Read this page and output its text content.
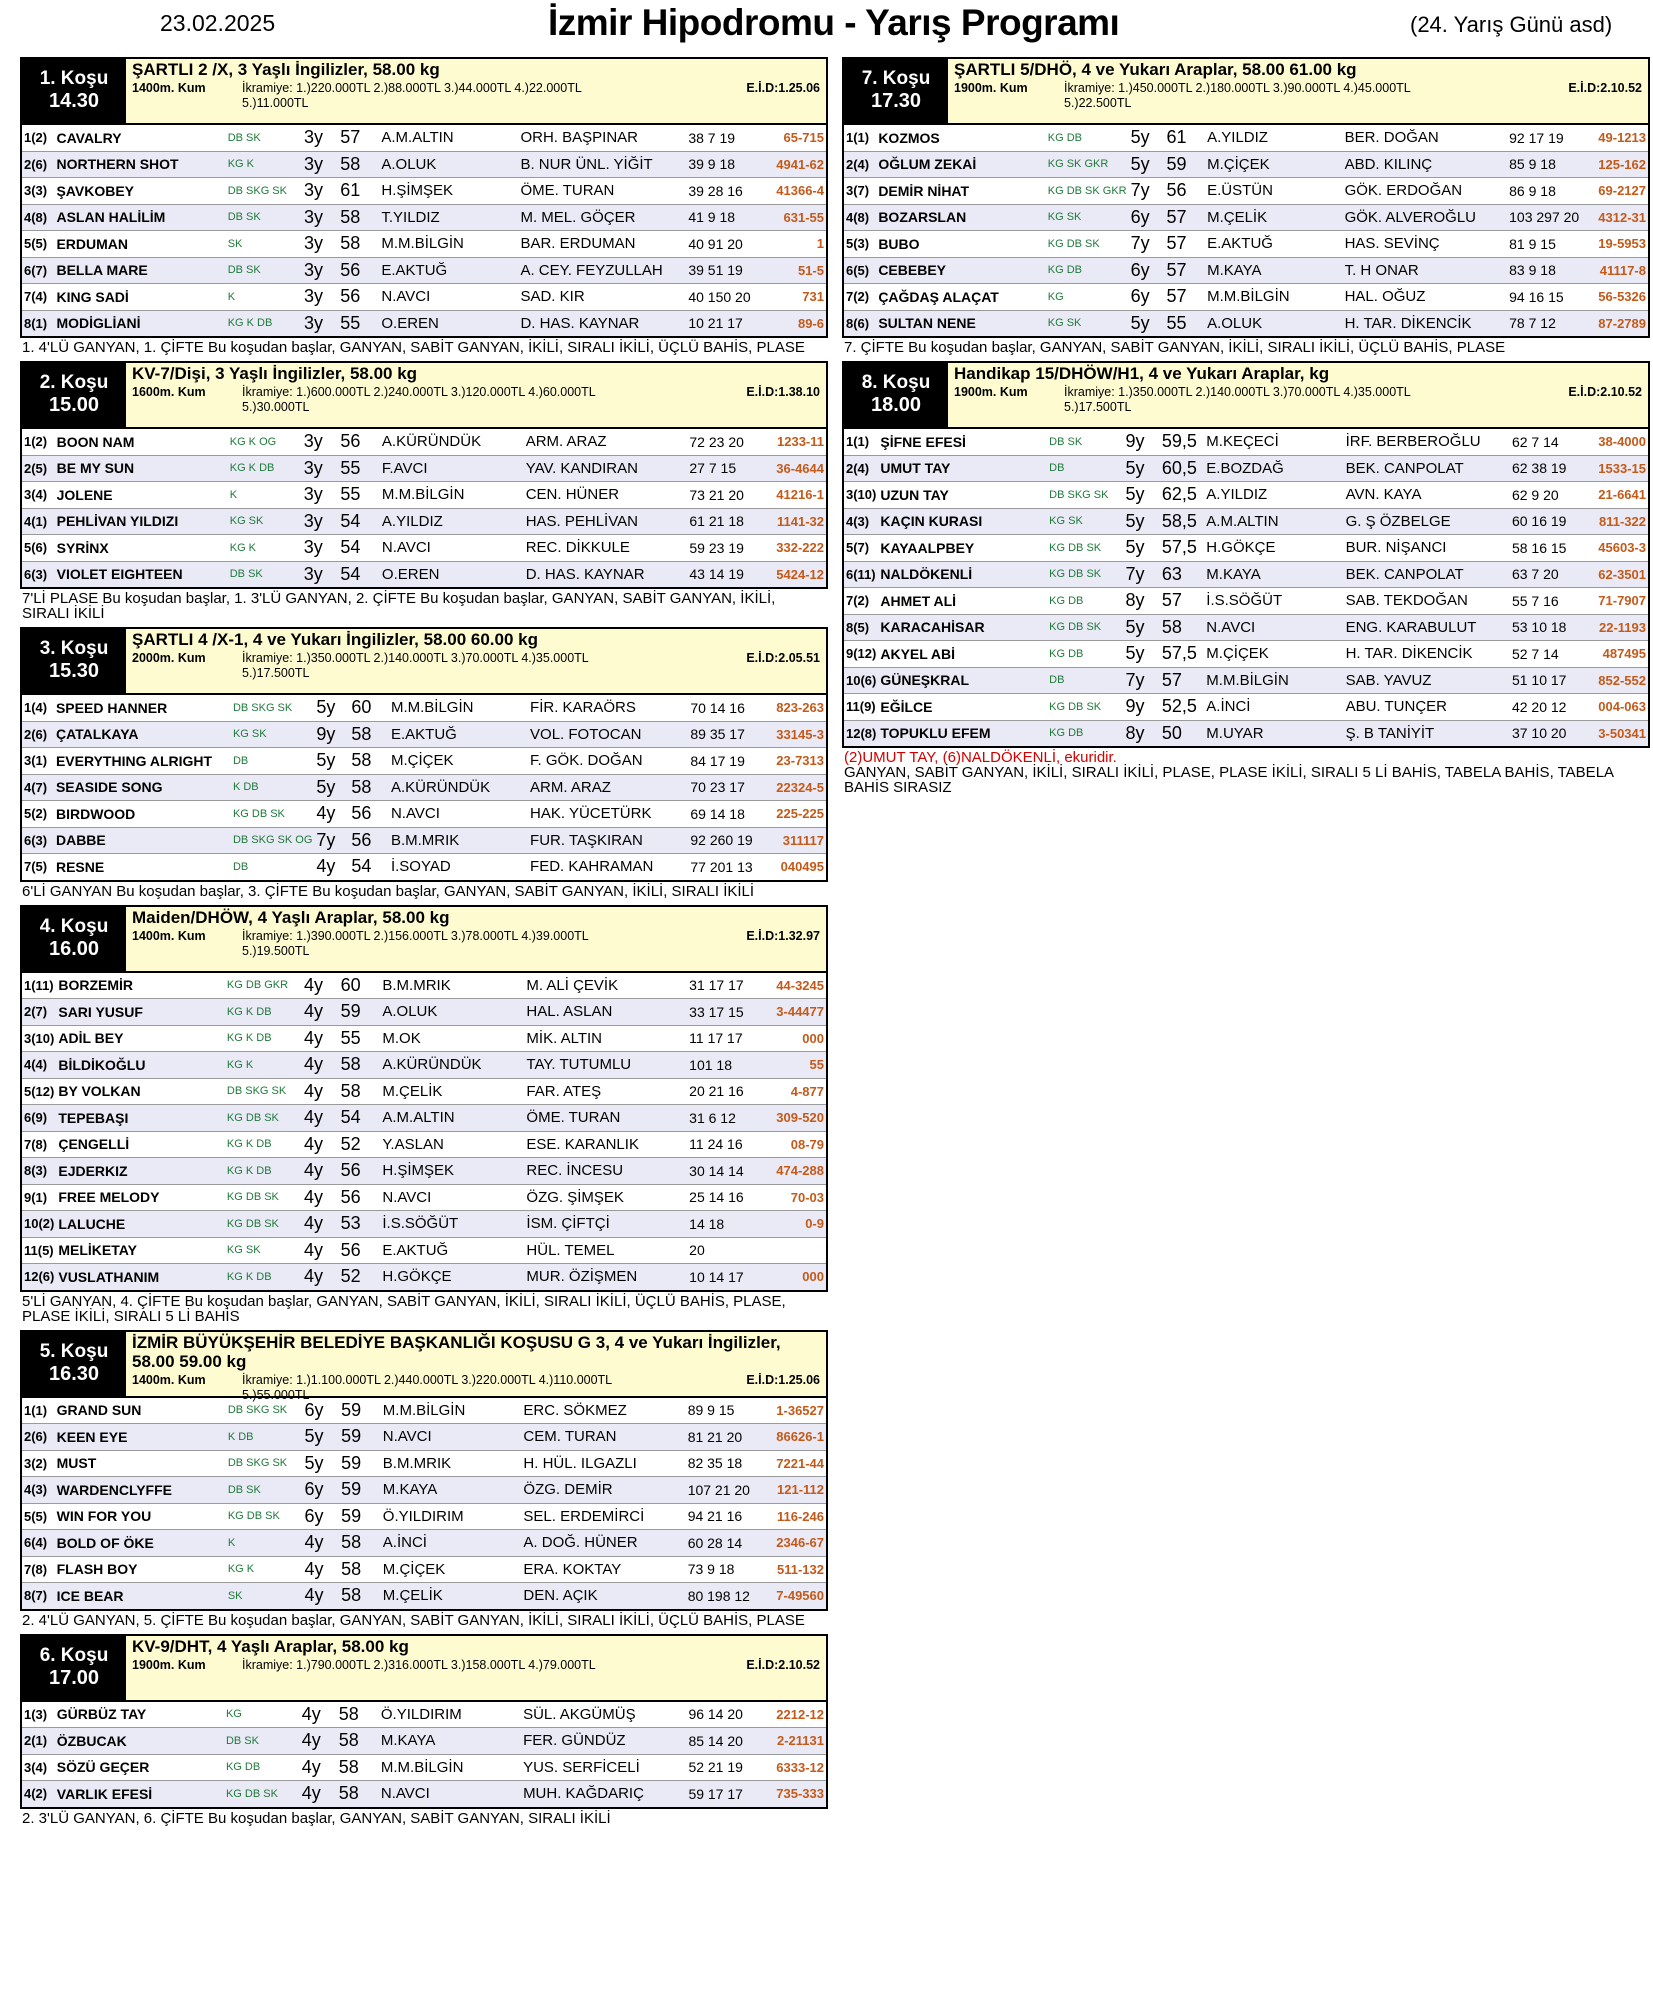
23.02.2025	İzmir Hipodromu - Yarış Programı	(24. Yarış Günü asd)
1. Koşu
14.30
ŞARTLI 2 /X, 3 Yaşlı İngilizler, 58.00 kg
1400m. Kum	İkramiye: 1.)220.000TL 2.)88.000TL 3.)44.000TL 4.)22.000TL	E.İ.D:1.25.06
5.)11.000TL
1(2)	CAVALRY	DB SK	3y	57	A.M.ALTIN	ORH. BAŞPINAR	38 7 19	65-715
2(6)	NORTHERN SHOT	KG K	3y	58	A.OLUK	B. NUR ÜNL. YİĞİT	39 9 18	4941-62
3(3)	ŞAVKOBEY	DB SKG SK	3y	61	H.ŞİMŞEK	ÖME. TURAN	39 28 16	41366-4
4(8)	ASLAN HALİLİM	DB SK	3y	58	T.YILDIZ	M. MEL. GÖÇER	41 9 18	631-55
5(5)	ERDUMAN	SK	3y	58	M.M.BİLGİN	BAR. ERDUMAN	40 91 20	1
6(7)	BELLA MARE	DB SK	3y	56	E.AKTUĞ	A. CEY. FEYZULLAH	39 51 19	51-5
7(4)	KING SADİ	K	3y	56	N.AVCI	SAD. KIR	40 150 20	731
8(1)	MODİGLİANİ	KG K DB	3y	55	O.EREN	D. HAS. KAYNAR	10 21 17	89-6
1. 4'LÜ GANYAN, 1. ÇİFTE Bu koşudan başlar, GANYAN, SABİT GANYAN, İKİLİ, SIRALI İKİLİ, ÜÇLÜ BAHİS, PLASE
2. Koşu
15.00
KV-7/Dişi, 3 Yaşlı İngilizler, 58.00 kg
1600m. Kum	İkramiye: 1.)600.000TL 2.)240.000TL 3.)120.000TL 4.)60.000TL	E.İ.D:1.38.10
5.)30.000TL
1(2)	BOON NAM	KG K OG	3y	56	A.KÜRÜNDÜK	ARM. ARAZ	72 23 20	1233-11
2(5)	BE MY SUN	KG K DB	3y	55	F.AVCI	YAV. KANDIRAN	27 7 15	36-4644
3(4)	JOLENE	K	3y	55	M.M.BİLGİN	CEN. HÜNER	73 21 20	41216-1
4(1)	PEHLİVAN YILDIZI	KG SK	3y	54	A.YILDIZ	HAS. PEHLİVAN	61 21 18	1141-32
5(6)	SYRİNX	KG K	3y	54	N.AVCI	REC. DİKKULE	59 23 19	332-222
6(3)	VIOLET EIGHTEEN	DB SK	3y	54	O.EREN	D. HAS. KAYNAR	43 14 19	5424-12
7'Lİ PLASE Bu koşudan başlar, 1. 3'LÜ GANYAN, 2. ÇİFTE Bu koşudan başlar, GANYAN, SABİT GANYAN, İKİLİ, SIRALI İKİLİ
3. Koşu
15.30
ŞARTLI 4 /X-1, 4 ve Yukarı İngilizler, 58.00 60.00 kg
2000m. Kum	İkramiye: 1.)350.000TL 2.)140.000TL 3.)70.000TL 4.)35.000TL	E.İ.D:2.05.51
5.)17.500TL
1(4)	SPEED HANNER	DB SKG SK	5y	60	M.M.BİLGİN	FİR. KARAÖRS	70 14 16	823-263
2(6)	ÇATALKAYA	KG SK	9y	58	E.AKTUĞ	VOL. FOTOCAN	89 35 17	33145-3
3(1)	EVERYTHING ALRIGHT	DB	5y	58	M.ÇİÇEK	F. GÖK. DOĞAN	84 17 19	23-7313
4(7)	SEASIDE SONG	K DB	5y	58	A.KÜRÜNDÜK	ARM. ARAZ	70 23 17	22324-5
5(2)	BIRDWOOD	KG DB SK	4y	56	N.AVCI	HAK. YÜCETÜRK	69 14 18	225-225
6(3)	DABBE	DB SKG SK OG	7y	56	B.M.MRIK	FUR. TAŞKIRAN	92 260 19	311117
7(5)	RESNE	DB	4y	54	İ.SOYAD	FED. KAHRAMAN	77 201 13	040495
6'Lİ GANYAN Bu koşudan başlar, 3. ÇİFTE Bu koşudan başlar, GANYAN, SABİT GANYAN, İKİLİ, SIRALI İKİLİ
4. Koşu
16.00
Maiden/DHÖW, 4 Yaşlı Araplar, 58.00 kg
1400m. Kum	İkramiye: 1.)390.000TL 2.)156.000TL 3.)78.000TL 4.)39.000TL	E.İ.D:1.32.97
5.)19.500TL
1(11)	BORZEMİR	KG DB GKR	4y	60	B.M.MRIK	M. ALİ ÇEVİK	31 17 17	44-3245
2(7)	SARI YUSUF	KG K DB	4y	59	A.OLUK	HAL. ASLAN	33 17 15	3-44477
3(10)	ADİL BEY	KG K DB	4y	55	M.OK	MİK. ALTIN	11 17 17	000
4(4)	BİLDİKOĞLU	KG K	4y	58	A.KÜRÜNDÜK	TAY. TUTUMLU	101 18	55
5(12)	BY VOLKAN	DB SKG SK	4y	58	M.ÇELİK	FAR. ATEŞ	20 21 16	4-877
6(9)	TEPEBAŞI	KG DB SK	4y	54	A.M.ALTIN	ÖME. TURAN	31 6 12	309-520
7(8)	ÇENGELLİ	KG K DB	4y	52	Y.ASLAN	ESE. KARANLIK	11 24 16	08-79
8(3)	EJDERKIZ	KG K DB	4y	56	H.ŞİMŞEK	REC. İNCESU	30 14 14	474-288
9(1)	FREE MELODY	KG DB SK	4y	56	N.AVCI	ÖZG. ŞİMŞEK	25 14 16	70-03
10(2)	LALUCHE	KG DB SK	4y	53	İ.S.SÖĞÜT	İSM. ÇİFTÇİ	14 18	0-9
11(5)	MELİKETAY	KG SK	4y	56	E.AKTUĞ	HÜL. TEMEL	20	
12(6)	VUSLATHANIM	KG K DB	4y	52	H.GÖKÇE	MUR. ÖZİŞMEN	10 14 17	000
5'Lİ GANYAN, 4. ÇİFTE Bu koşudan başlar, GANYAN, SABİT GANYAN, İKİLİ, SIRALI İKİLİ, ÜÇLÜ BAHİS, PLASE, PLASE İKİLİ, SIRALI 5 Lİ BAHİS
5. Koşu
16.30
İZMİR BÜYÜKŞEHİR BELEDİYE BAŞKANLIĞI KOŞUSU G 3, 4 ve Yukarı İngilizler, 58.00 59.00 kg
1400m. Kum	İkramiye: 1.)1.100.000TL 2.)440.000TL 3.)220.000TL 4.)110.000TL	E.İ.D:1.25.06
5.)55.000TL
1(1)	GRAND SUN	DB SKG SK	6y	59	M.M.BİLGİN	ERC. SÖKMEZ	89 9 15	1-36527
2(6)	KEEN EYE	K DB	5y	59	N.AVCI	CEM. TURAN	81 21 20	86626-1
3(2)	MUST	DB SKG SK	5y	59	B.M.MRIK	H. HÜL. ILGAZLI	82 35 18	7221-44
4(3)	WARDENCLYFFE	DB SK	6y	59	M.KAYA	ÖZG. DEMİR	107 21 20	121-112
5(5)	WIN FOR YOU	KG DB SK	6y	59	Ö.YILDIRIM	SEL. ERDEMİRCİ	94 21 16	116-246
6(4)	BOLD OF ÖKE	K	4y	58	A.İNCİ	A. DOĞ. HÜNER	60 28 14	2346-67
7(8)	FLASH BOY	KG K	4y	58	M.ÇİÇEK	ERA. KOKTAY	73 9 18	511-132
8(7)	ICE BEAR	SK	4y	58	M.ÇELİK	DEN. AÇIK	80 198 12	7-49560
2. 4'LÜ GANYAN, 5. ÇİFTE Bu koşudan başlar, GANYAN, SABİT GANYAN, İKİLİ, SIRALI İKİLİ, ÜÇLÜ BAHİS, PLASE
6. Koşu
17.00
KV-9/DHT, 4 Yaşlı Araplar, 58.00 kg
1900m. Kum	İkramiye: 1.)790.000TL 2.)316.000TL 3.)158.000TL 4.)79.000TL	E.İ.D:2.10.52
1(3)	GÜRBÜZ TAY	KG	4y	58	Ö.YILDIRIM	SÜL. AKGÜMÜŞ	96 14 20	2212-12
2(1)	ÖZBUCAK	DB SK	4y	58	M.KAYA	FER. GÜNDÜZ	85 14 20	2-21131
3(4)	SÖZÜ GEÇER	KG DB	4y	58	M.M.BİLGİN	YUS. SERFİCELİ	52 21 19	6333-12
4(2)	VARLIK EFESİ	KG DB SK	4y	58	N.AVCI	MUH. KAĞDARIÇ	59 17 17	735-333
2. 3'LÜ GANYAN, 6. ÇİFTE Bu koşudan başlar, GANYAN, SABİT GANYAN, SIRALI İKİLİ
7. Koşu
17.30
ŞARTLI 5/DHÖ, 4 ve Yukarı Araplar, 58.00 61.00 kg
1900m. Kum	İkramiye: 1.)450.000TL 2.)180.000TL 3.)90.000TL 4.)45.000TL	E.İ.D:2.10.52
5.)22.500TL
1(1)	KOZMOS	KG DB	5y	61	A.YILDIZ	BER. DOĞAN	92 17 19	49-1213
2(4)	OĞLUM ZEKAİ	KG SK GKR	5y	59	M.ÇİÇEK	ABD. KILINÇ	85 9 18	125-162
3(7)	DEMİR NİHAT	KG DB SK GKR	7y	56	E.ÜSTÜN	GÖK. ERDOĞAN	86 9 18	69-2127
4(8)	BOZARSLAN	KG SK	6y	57	M.ÇELİK	GÖK. ALVEROĞLU	103 297 20	4312-31
5(3)	BUBO	KG DB SK	7y	57	E.AKTUĞ	HAS. SEVİNÇ	81 9 15	19-5953
6(5)	CEBEBEY	KG DB	6y	57	M.KAYA	T. H ONAR	83 9 18	41117-8
7(2)	ÇAĞDAŞ ALAÇAT	KG	6y	57	M.M.BİLGİN	HAL. OĞUZ	94 16 15	56-5326
8(6)	SULTAN NENE	KG SK	5y	55	A.OLUK	H. TAR. DİKENCİK	78 7 12	87-2789
7. ÇİFTE Bu koşudan başlar, GANYAN, SABİT GANYAN, İKİLİ, SIRALI İKİLİ, ÜÇLÜ BAHİS, PLASE
8. Koşu
18.00
Handikap 15/DHÖW/H1, 4 ve Yukarı Araplar, kg
1900m. Kum	İkramiye: 1.)350.000TL 2.)140.000TL 3.)70.000TL 4.)35.000TL	E.İ.D:2.10.52
5.)17.500TL
1(1)	ŞİFNE EFESİ	DB SK	9y	59,5	M.KEÇECİ	İRF. BERBEROĞLU	62 7 14	38-4000
2(4)	UMUT TAY	DB	5y	60,5	E.BOZDAĞ	BEK. CANPOLAT	62 38 19	1533-15
3(10)	UZUN TAY	DB SKG SK	5y	62,5	A.YILDIZ	AVN. KAYA	62 9 20	21-6641
4(3)	KAÇIN KURASI	KG SK	5y	58,5	A.M.ALTIN	G. Ş ÖZBELGE	60 16 19	811-322
5(7)	KAYAALPBEY	KG DB SK	5y	57,5	H.GÖKÇE	BUR. NİŞANCI	58 16 15	45603-3
6(11)	NALDÖKENLİ	KG DB SK	7y	63	M.KAYA	BEK. CANPOLAT	63 7 20	62-3501
7(2)	AHMET ALİ	KG DB	8y	57	İ.S.SÖĞÜT	SAB. TEKDOĞAN	55 7 16	71-7907
8(5)	KARACAHİSAR	KG DB SK	5y	58	N.AVCI	ENG. KARABULUT	53 10 18	22-1193
9(12)	AKYEL ABİ	KG DB	5y	57,5	M.ÇİÇEK	H. TAR. DİKENCİK	52 7 14	487495
10(6)	GÜNEŞKRAL	DB	7y	57	M.M.BİLGİN	SAB. YAVUZ	51 10 17	852-552
11(9)	EĞİLCE	KG DB SK	9y	52,5	A.İNCİ	ABU. TUNÇER	42 20 12	004-063
12(8)	TOPUKLU EFEM	KG DB	8y	50	M.UYAR	Ş. B TANİYİT	37 10 20	3-50341
(2)UMUT TAY, (6)NALDÖKENLİ, ekuridir.
GANYAN, SABİT GANYAN, İKİLİ, SIRALI İKİLİ, PLASE, PLASE İKİLİ, SIRALI 5 Lİ BAHİS, TABELA BAHİS, TABELA BAHİS SIRASIZ
